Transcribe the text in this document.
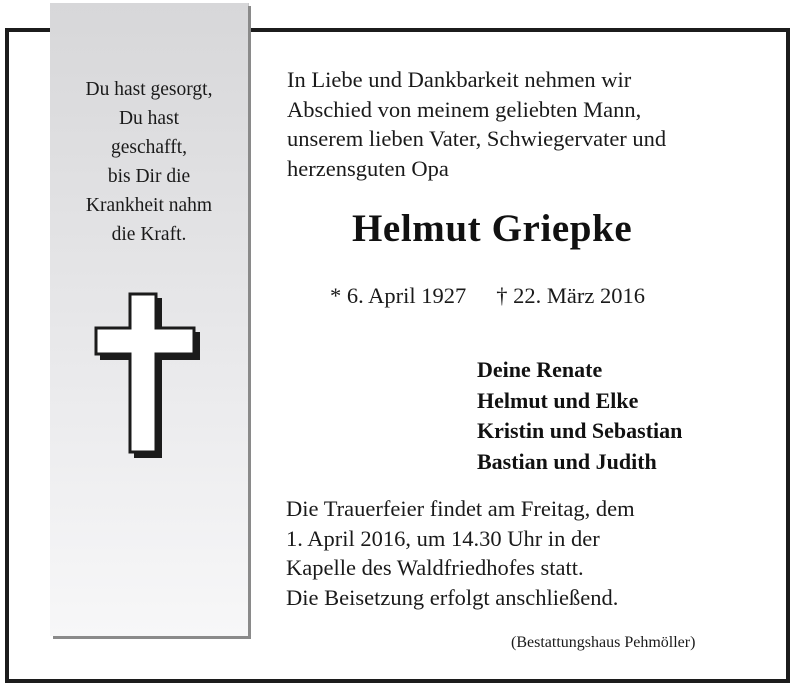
Du hast gesorgt,
Du hast
geschafft,
bis Dir die
Krankheit nahm
die Kraft.
In Liebe und Dankbarkeit nehmen wir
Abschied von meinem geliebten Mann,
unserem lieben Vater, Schwiegervater und
herzensguten Opa
Helmut Griepke
* 6. April 1927 † 22. März 2016
Deine Renate
Helmut und Elke
Kristin und Sebastian
Bastian und Judith
Die Trauerfeier findet am Freitag, dem
1. April 2016, um 14.30 Uhr in der
Kapelle des Waldfriedhofes statt.
Die Beisetzung erfolgt anschließend.
(Bestattungshaus Pehmöller)
